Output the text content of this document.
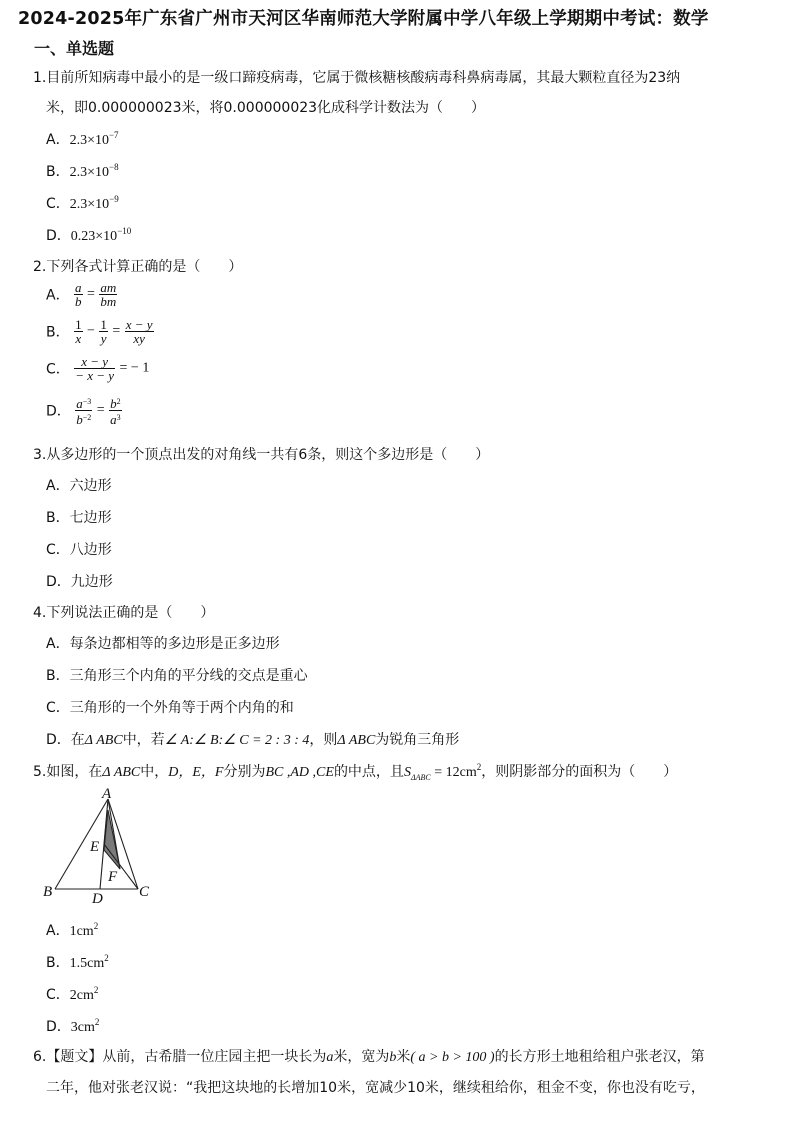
2024-2025年广东省广州市天河区华南师范大学附属中学八年级上学期期中考试：数学
一、单选题
1.目前所知病毒中最小的是一级口蹄疫病毒，它属于微核糖核酸病毒科鼻病毒属，其最大颗粒直径为23纳
米，即0.000000023米，将0.000000023化成科学计数法为（　　）
A．$2.3\times 10^{-7}$
B．$2.3\times 10^{-8}$
C．$2.3\times 10^{-9}$
D．$0.23\times 10^{-10}$
2.下列各式计算正确的是（　　）
A． $\frac{a}{b} = \frac{am}{bm}$
B． $\frac{1}{x} - \frac{1}{y} = \frac{x - y}{xy}$
C． $\frac{x - y}{- x - y}$ = − 1
D． $\frac{a^{-3}}{b^{-2}} = \frac{b^2}{a^3}$
3.从多边形的一个顶点出发的对角线一共有6条，则这个多边形是（　　）
A．六边形
B．七边形
C．八边形
D．九边形
4.下列说法正确的是（　　）
A．每条边都相等的多边形是正多边形
B．三角形三个内角的平分线的交点是重心
C．三角形的一个外角等于两个内角的和
D．在Δ ABC中，若∠ A:∠ B:∠ C = 2 : 3 : 4，则Δ ABC为锐角三角形
5.如图，在Δ ABC中，D，E，F分别为BC ,AD ,CE的中点，且$S_{\Delta ABC} = 12cm^2$，则阴影部分的面积为（　　）
A
B	C
D
E
F
A．$1cm^2$
B．$1.5cm^2$
C．$2cm^2$
D．$3cm^2$
6.【题文】从前，古希腊一位庄园主把一块长为a米，宽为b米( a > b > 100 )的长方形土地租给租户张老汉，第
二年，他对张老汉说：“我把这块地的长增加10米，宽减少10米，继续租给你，租金不变，你也没有吃亏，
